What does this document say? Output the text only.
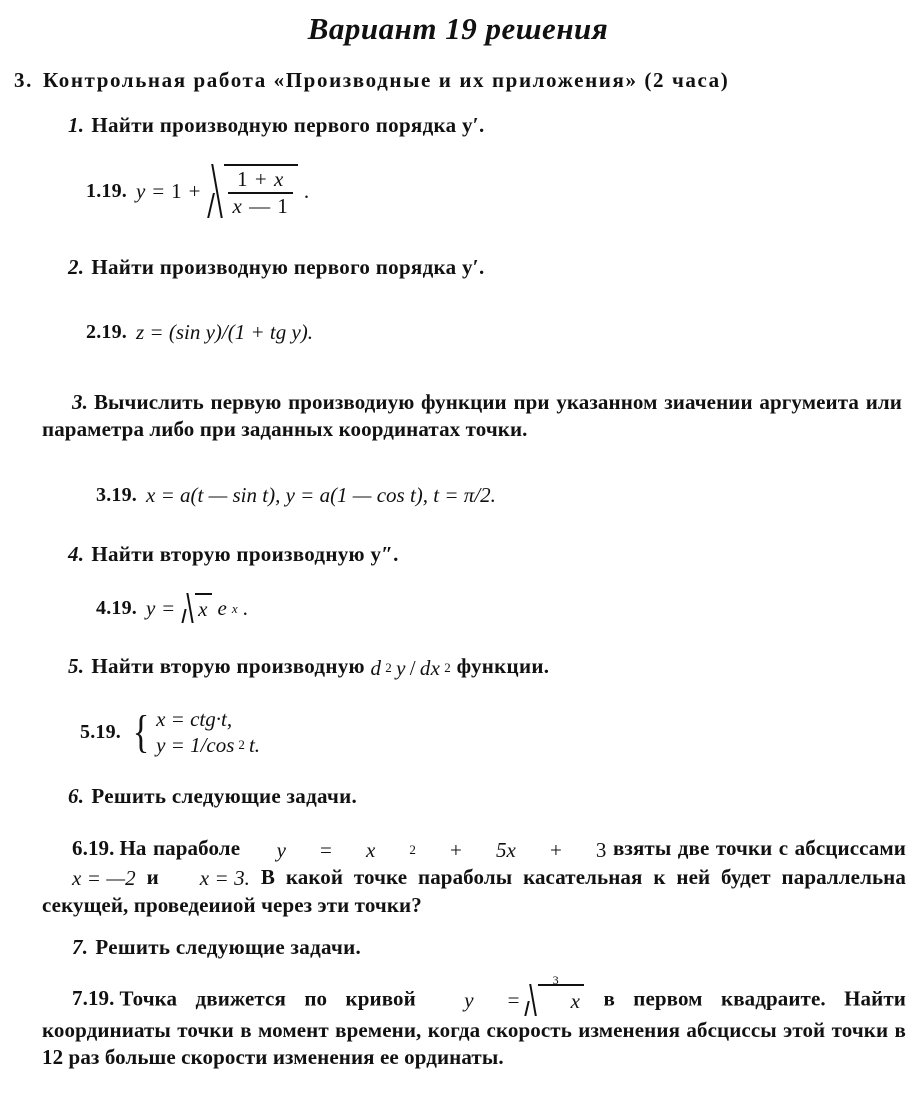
Вариант 19 решения
3. Контрольная работа «Производные и их приложения» (2 часа)
1. Найти производную первого порядка y′.
1.19. $y = 1 + \frac{1 + x}{x — 1}$ .
2. Найти производную первого порядка y′.
2.19. z = (sin y)/(1 + tg y).
3. Вычислить первую производиую функции при указанном зиачении аргумеита или параметра либо при заданных координатах точки.
3.19. x = a(t — sin t), y = a(1 — cos t), t = π/2.
4. Найти вторую производную y″.
4.19. y = x e x .
5. Найти вторую производную d 2 y / dx 2 функции.
5.19. { x = ctg·t,
y = 1/cos 2 t.
6. Решить следующие задачи.
6.19. На параболе	y	=	x	2	+	5x	+	3 взяты две точки с абсциссами x = —2 и x = 3. В какой точке параболы касательная к ней будет параллельна секущей, проведеииой через эти точки?
7. Решить следующие задачи.
7.19. Точка движется по кривой	y	=
3
x в первом квадраите. Найти координиаты точки в момент времени, когда скорость изменения абсциссы этой точки в 12 раз больше скорости изменения ее ординаты.
